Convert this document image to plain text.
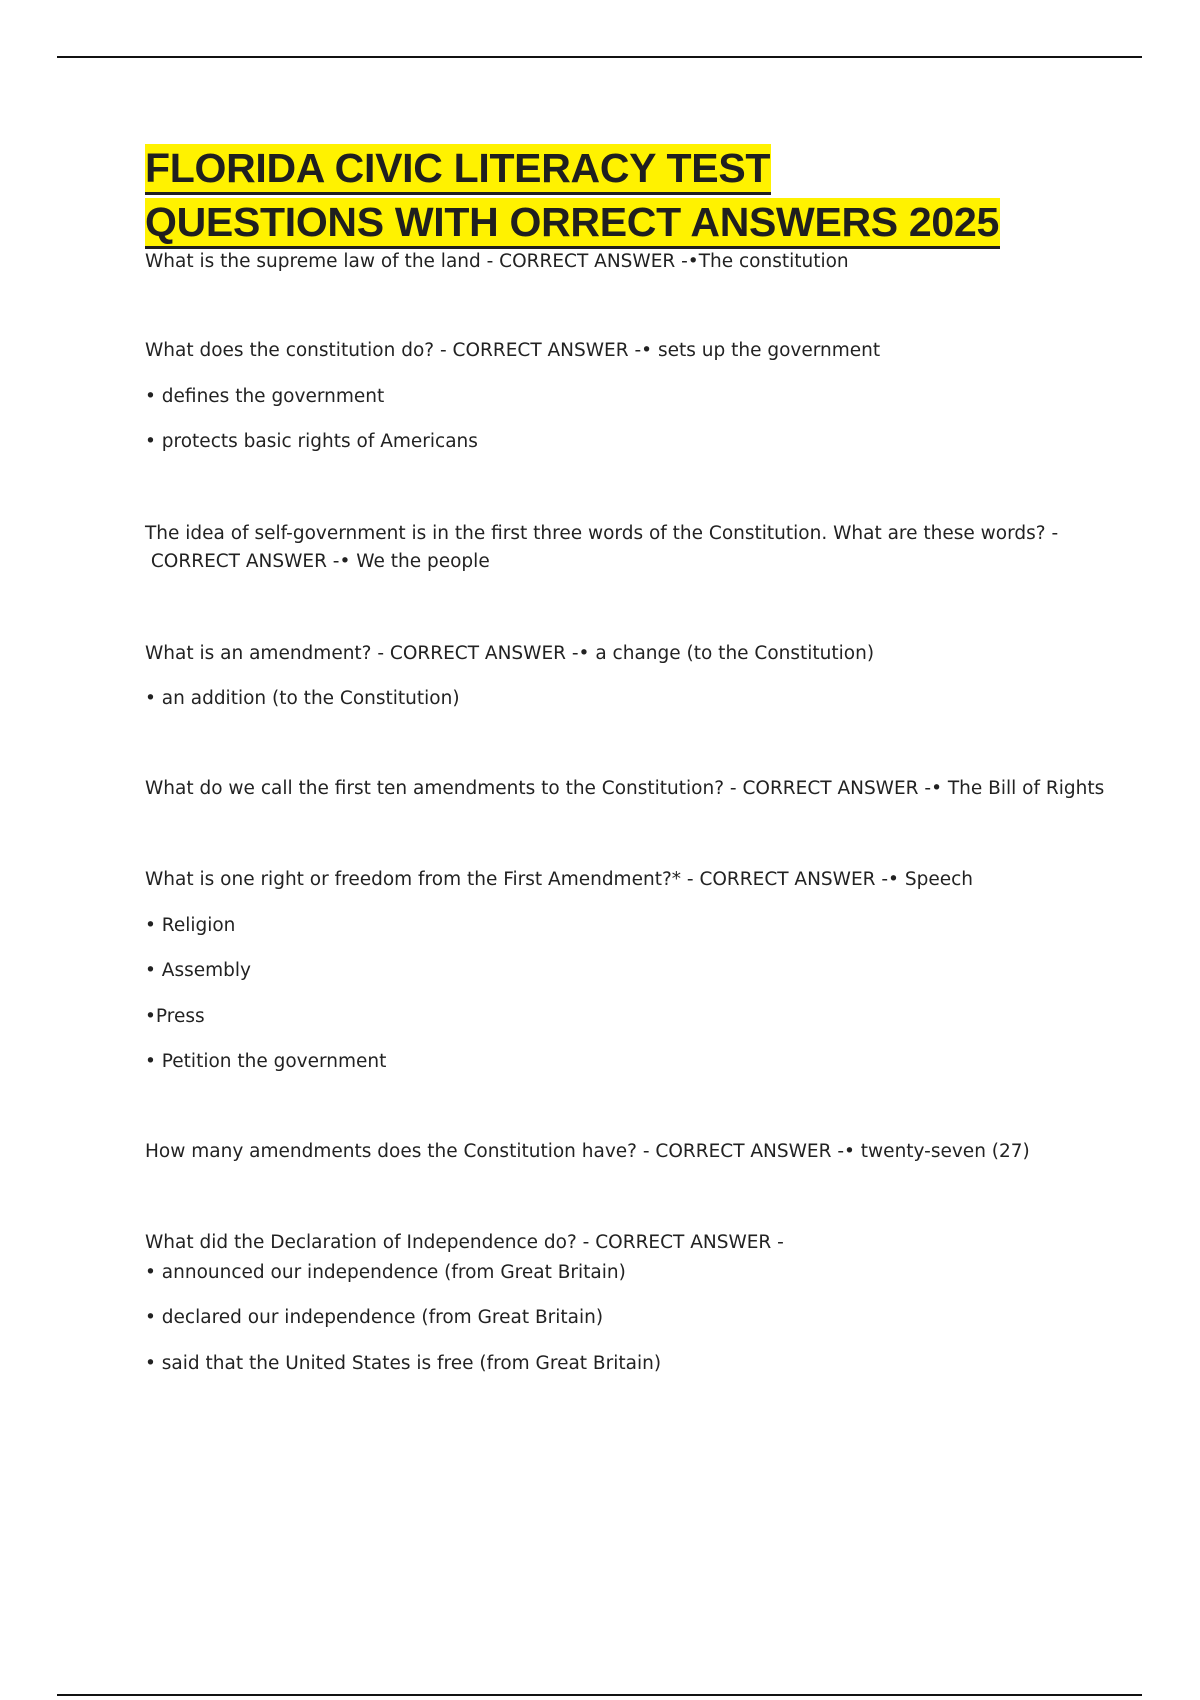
FLORIDA CIVIC LITERACY TEST
QUESTIONS WITH ORRECT ANSWERS 2025
What is the supreme law of the land - CORRECT ANSWER -•The constitution
What does the constitution do? - CORRECT ANSWER -• sets up the government
• defines the government
• protects basic rights of Americans
The idea of self-government is in the first three words of the Constitution. What are these words? -
CORRECT ANSWER -• We the people
What is an amendment? - CORRECT ANSWER -• a change (to the Constitution)
• an addition (to the Constitution)
What do we call the first ten amendments to the Constitution? - CORRECT ANSWER -• The Bill of Rights
What is one right or freedom from the First Amendment?* - CORRECT ANSWER -• Speech
• Religion
• Assembly
•Press
• Petition the government
How many amendments does the Constitution have? - CORRECT ANSWER -• twenty-seven (27)
What did the Declaration of Independence do? - CORRECT ANSWER -
• announced our independence (from Great Britain)
• declared our independence (from Great Britain)
• said that the United States is free (from Great Britain)
